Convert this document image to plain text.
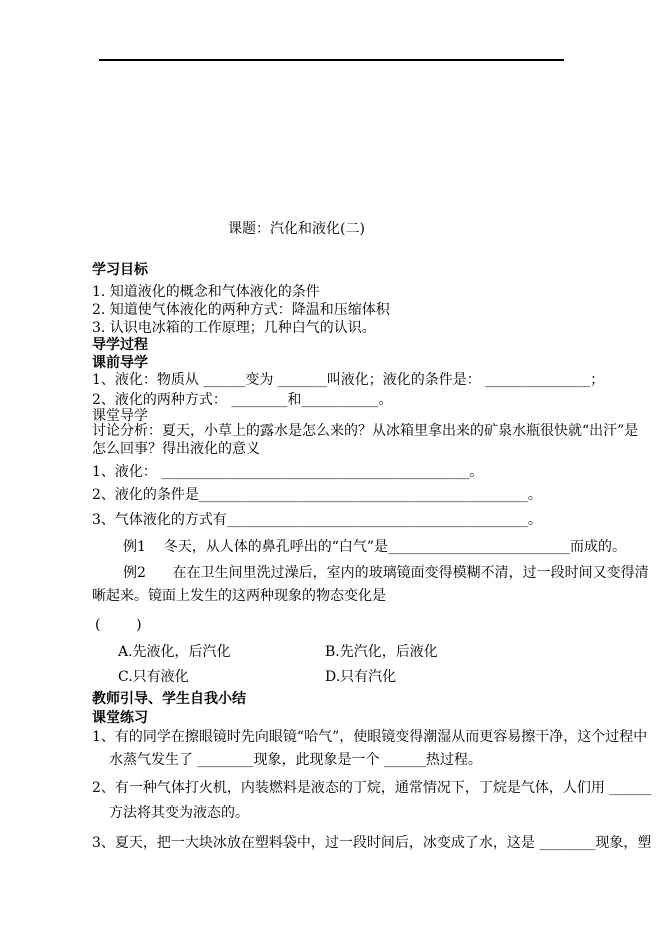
课题：汽化和液化(二)
学习目标
1. 知道液化的概念和气体液化的条件
2. 知道使气体液化的两种方式：降温和压缩体积
3. 认识电冰箱的工作原理；几种白气的认识。
导学过程
课前导学
1、液化：物质从 ______变为 _______叫液化；液化的条件是： _______________；
2、液化的两种方式： ________和___________。
课堂导学
讨论分析：夏天，小草上的露水是怎么来的？从冰箱里拿出来的矿泉水瓶很快就“出汗”是
怎么回事？得出液化的意义
1、液化： ____________________________________________。
2、液化的条件是_______________________________________________。
3、气体液化的方式有___________________________________________。
例1    冬天，从人体的鼻孔呼出的“白气”是__________________________而成的。
例2      在在卫生间里洗过澡后，室内的玻璃镜面变得模糊不清，过一段时间又变得清
晰起来。镜面上发生的这两种现象的物态变化是
(        )
A.先液化，后汽化	B.先汽化，后液化
C.只有液化	D.只有汽化
教师引导、学生自我小结
课堂练习
1、有的同学在擦眼镜时先向眼镜“哈气”，使眼镜变得潮湿从而更容易擦干净，这个过程中
水蒸气发生了 ________现象，此现象是一个 ______热过程。
2、有一种气体打火机，内装燃料是液态的丁烷，通常情况下，丁烷是气体，人们用 ______
方法将其变为液态的。
3、夏天，把一大块冰放在塑料袋中，过一段时间后，冰变成了水，这是 ________现象，塑
